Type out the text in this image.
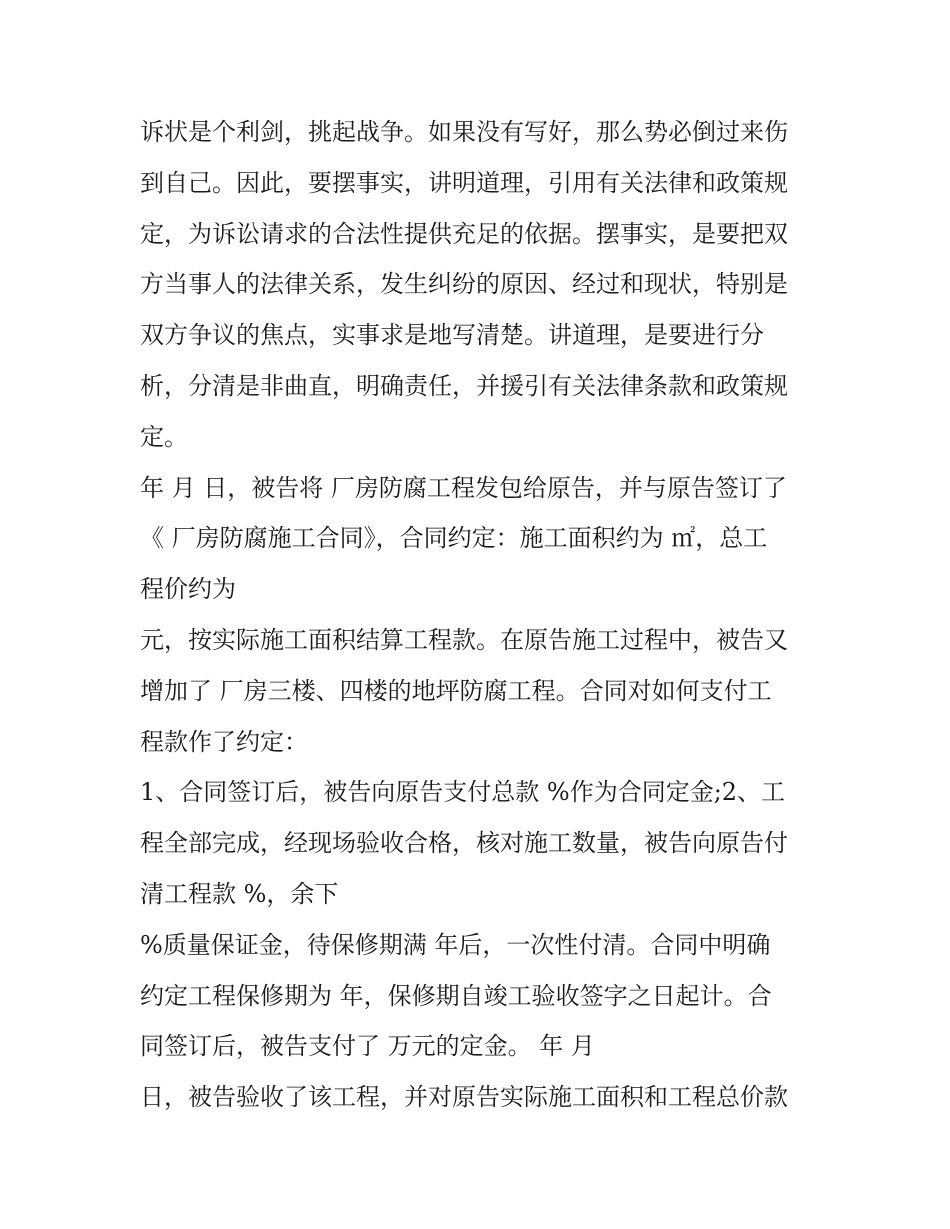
诉状是个利剑，挑起战争。如果没有写好，那么势必倒过来伤
到自己。因此，要摆事实，讲明道理，引用有关法律和政策规
定，为诉讼请求的合法性提供充足的依据。摆事实，是要把双
方当事人的法律关系，发生纠纷的原因、经过和现状，特别是
双方争议的焦点，实事求是地写清楚。讲道理，是要进行分
析，分清是非曲直，明确责任，并援引有关法律条款和政策规
定。
年 月 日，被告将 厂房防腐工程发包给原告，并与原告签订了
《 厂房防腐施工合同》，合同约定：施工面积约为 ㎡，总工
程价约为
元，按实际施工面积结算工程款。在原告施工过程中，被告又
增加了 厂房三楼、四楼的地坪防腐工程。合同对如何支付工
程款作了约定：
1、合同签订后，被告向原告支付总款 %作为合同定金;2、工
程全部完成，经现场验收合格，核对施工数量，被告向原告付
清工程款 %，余下
%质量保证金，待保修期满 年后，一次性付清。合同中明确
约定工程保修期为 年，保修期自竣工验收签字之日起计。合
同签订后，被告支付了 万元的定金。 年 月
日，被告验收了该工程，并对原告实际施工面积和工程总价款
